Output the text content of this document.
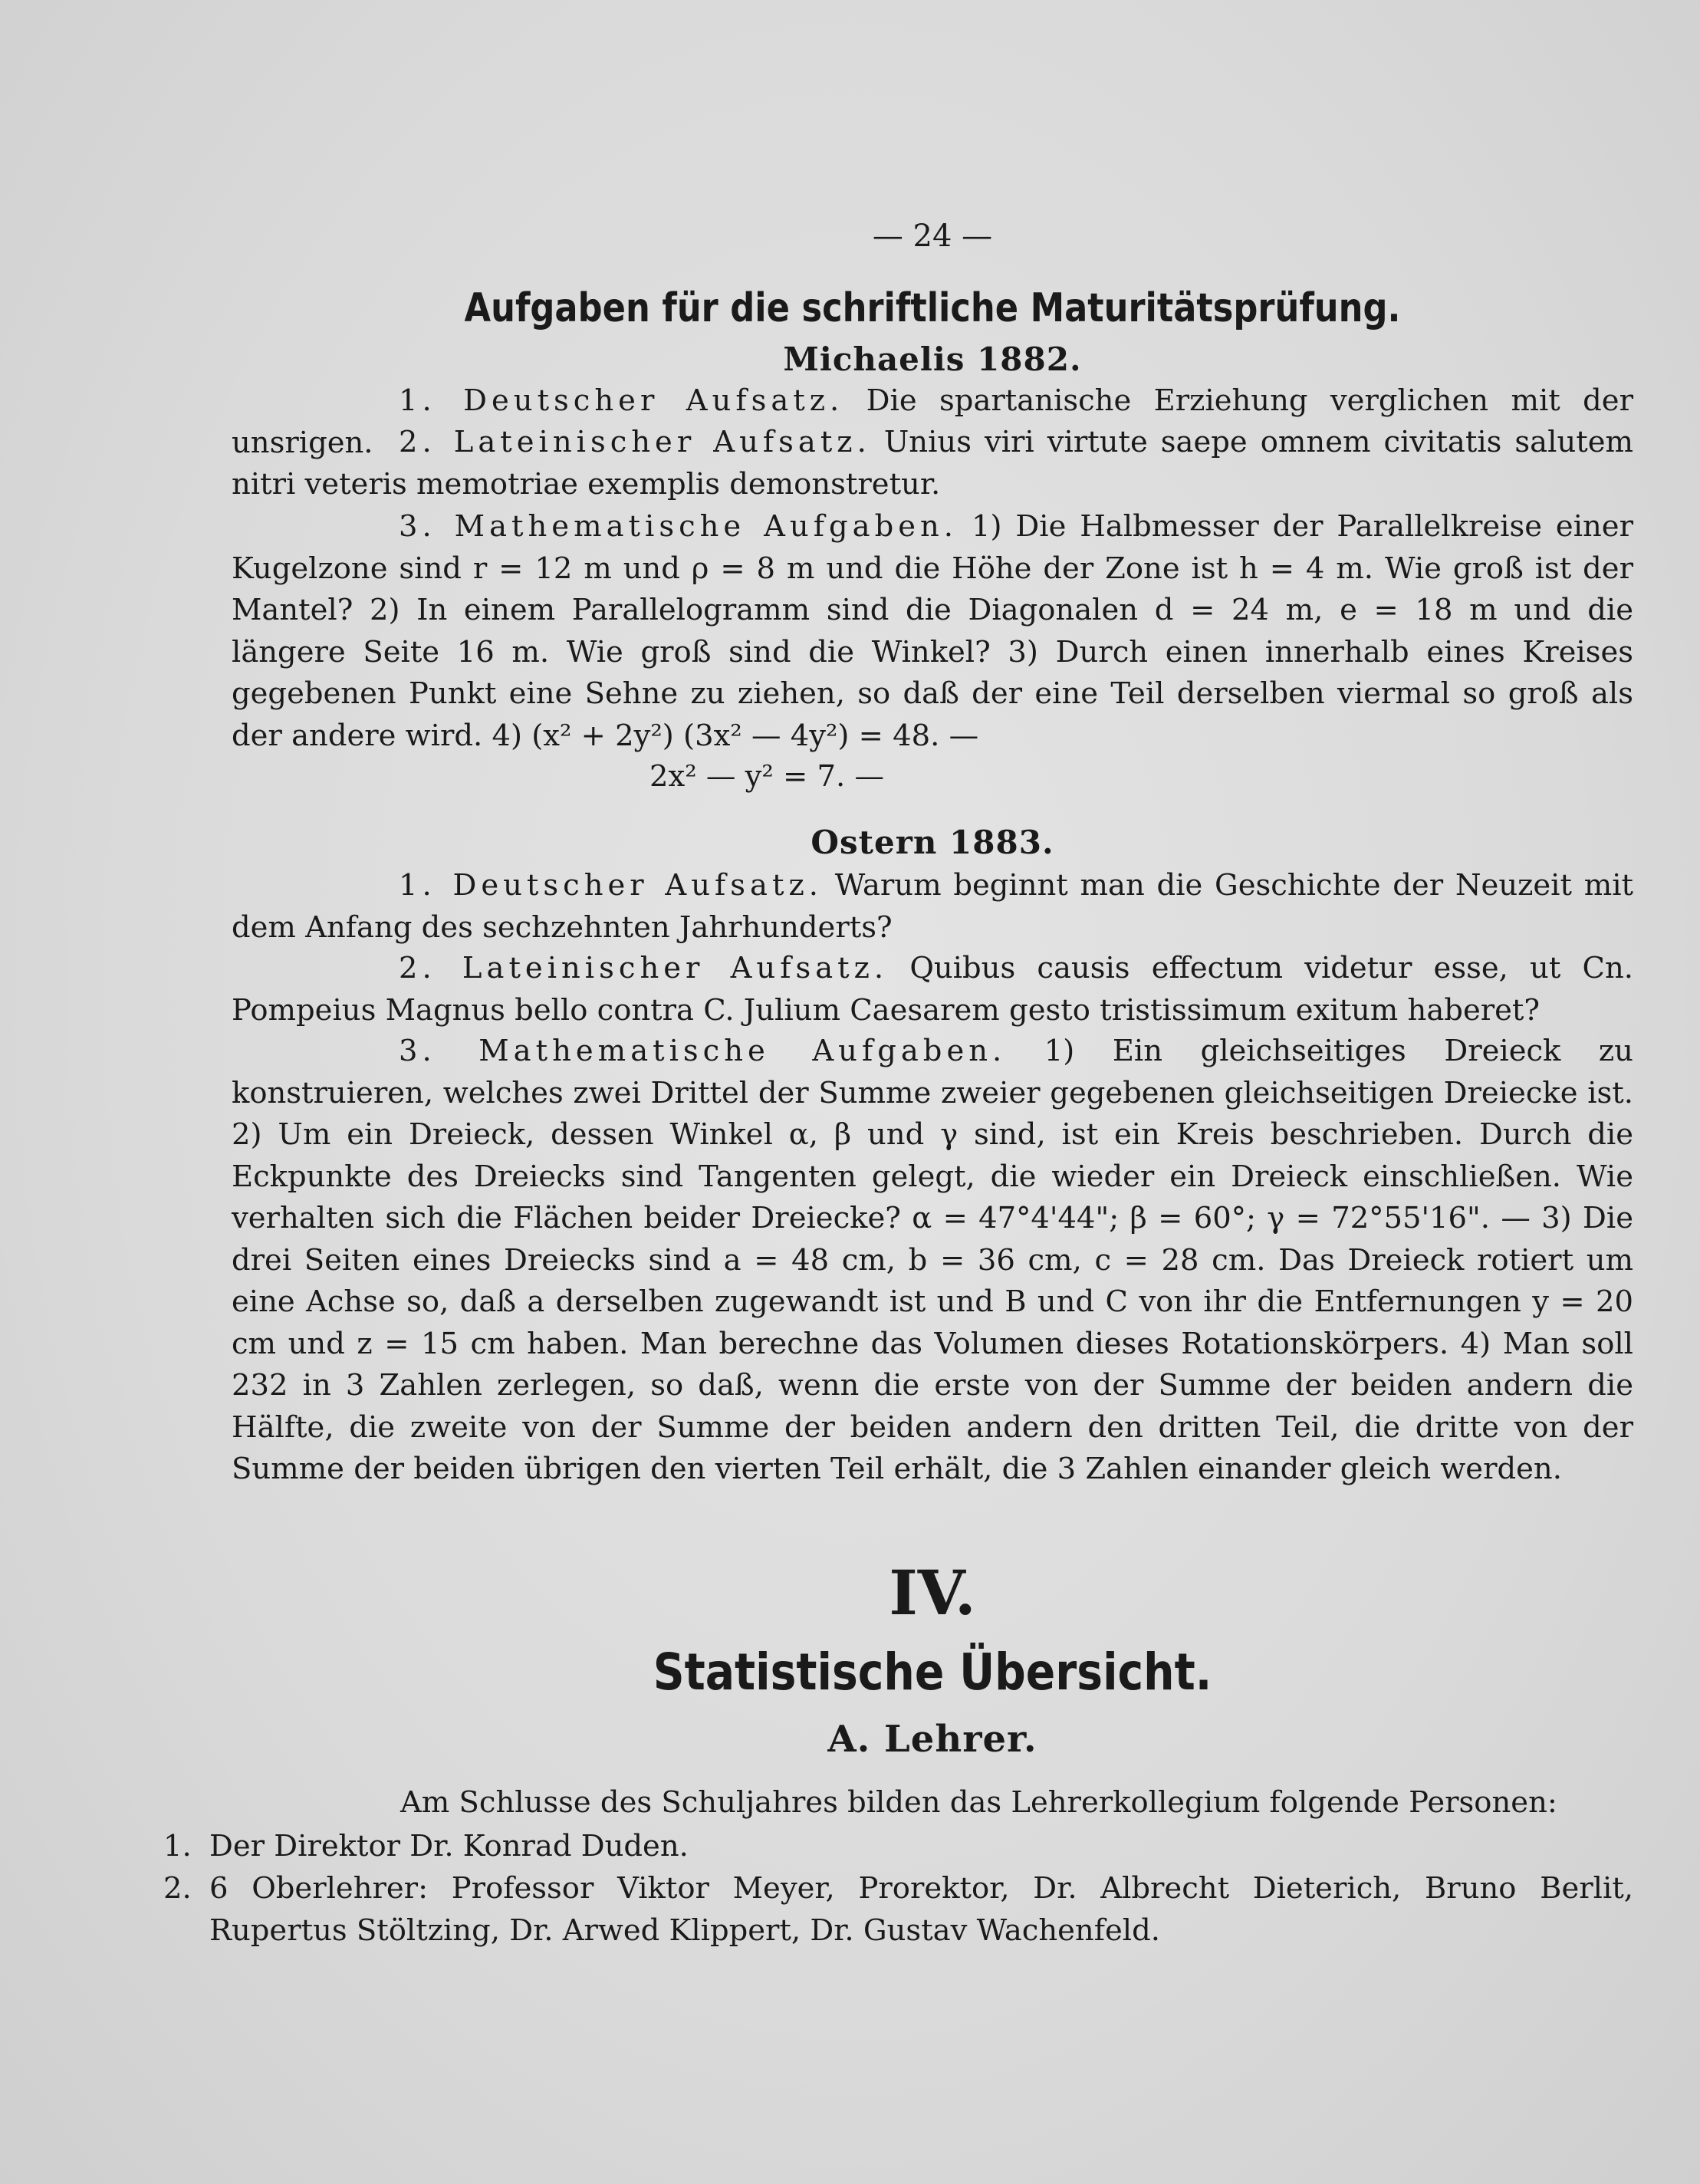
— 24 —
Aufgaben für die schriftliche Maturitätsprüfung.
Michaelis 1882.
1. Deutscher Aufsatz. Die spartanische Erziehung verglichen mit der unsrigen. 2. Lateinischer Aufsatz. Unius viri virtute saepe omnem civitatis salutem nitri veteris memotriae exemplis demonstretur.
3. Mathematische Aufgaben. 1) Die Halbmesser der Parallelkreise einer Kugelzone sind r = 12 m und ρ = 8 m und die Höhe der Zone ist h = 4 m. Wie groß ist der Mantel? 2) In einem Parallelogramm sind die Diagonalen d = 24 m, e = 18 m und die längere Seite 16 m. Wie groß sind die Winkel? 3) Durch einen innerhalb eines Kreises gegebenen Punkt eine Sehne zu ziehen, so daß der eine Teil derselben viermal so groß als der andere wird. 4) (x² + 2y²) (3x² — 4y²) = 48. —
2x² — y² = 7. —
Ostern 1883.
1. Deutscher Aufsatz. Warum beginnt man die Geschichte der Neuzeit mit dem Anfang des sechzehnten Jahrhunderts?
2. Lateinischer Aufsatz. Quibus causis effectum videtur esse, ut Cn. Pompeius Magnus bello contra C. Julium Caesarem gesto tristissimum exitum haberet?
3. Mathematische Aufgaben. 1) Ein gleichseitiges Dreieck zu konstruieren, welches zwei Drittel der Summe zweier gegebenen gleichseitigen Dreiecke ist. 2) Um ein Dreieck, dessen Winkel α, β und γ sind, ist ein Kreis beschrieben. Durch die Eckpunkte des Dreiecks sind Tangenten gelegt, die wieder ein Dreieck einschließen. Wie verhalten sich die Flächen beider Dreiecke? α = 47°4'44"; β = 60°; γ = 72°55'16". — 3) Die drei Seiten eines Dreiecks sind a = 48 cm, b = 36 cm, c = 28 cm. Das Dreieck rotiert um eine Achse so, daß a derselben zugewandt ist und B und C von ihr die Entfernungen y = 20 cm und z = 15 cm haben. Man berechne das Volumen dieses Rotationskörpers. 4) Man soll 232 in 3 Zahlen zerlegen, so daß, wenn die erste von der Summe der beiden andern die Hälfte, die zweite von der Summe der beiden andern den dritten Teil, die dritte von der Summe der beiden übrigen den vierten Teil erhält, die 3 Zahlen einander gleich werden.
IV.
Statistische Übersicht.
A. Lehrer.
Am Schlusse des Schuljahres bilden das Lehrerkollegium folgende Personen:
1. Der Direktor Dr. Konrad Duden.
2. 6 Oberlehrer: Professor Viktor Meyer, Prorektor, Dr. Albrecht Dieterich, Bruno Berlit, Rupertus Stöltzing, Dr. Arwed Klippert, Dr. Gustav Wachenfeld.
